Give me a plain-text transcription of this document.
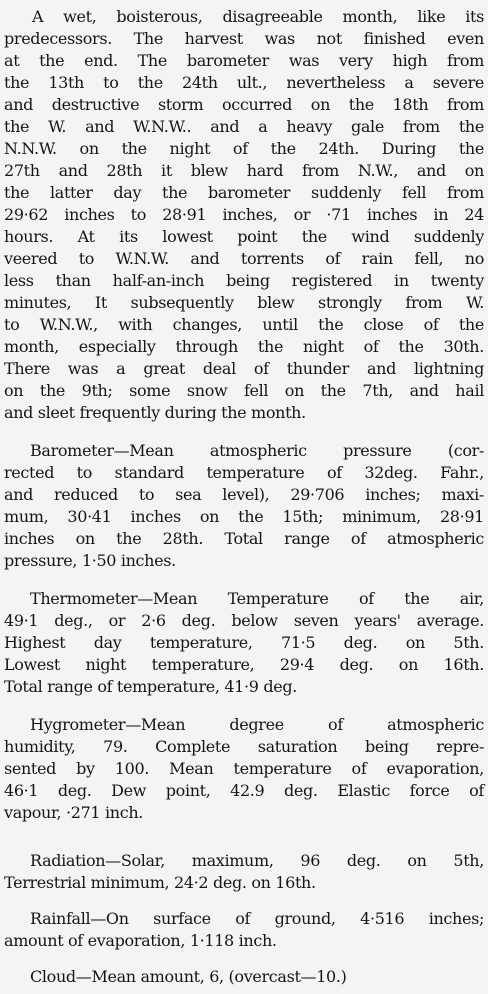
A wet, boisterous, disagreeable month, like its
predecessors. The harvest was not finished even
at the end. The barometer was very high from
the 13th to the 24th ult., nevertheless a severe
and destructive storm occurred on the 18th from
the W. and W.N.W.. and a heavy gale from the
N.N.W. on the night of the 24th. During the
27th and 28th it blew hard from N.W., and on
the latter day the barometer suddenly fell from
29·62 inches to 28·91 inches, or ·71 inches in 24
hours. At its lowest point the wind suddenly
veered to W.N.W. and torrents of rain fell, no
less than half-an-inch being registered in twenty
minutes, It subsequently blew strongly from W.
to W.N.W., with changes, until the close of the
month, especially through the night of the 30th.
There was a great deal of thunder and lightning
on the 9th; some snow fell on the 7th, and hail
and sleet frequently during the month.
Barometer—Mean atmospheric pressure (cor-
rected to standard temperature of 32deg. Fahr.,
and reduced to sea level), 29·706 inches; maxi-
mum, 30·41 inches on the 15th; minimum, 28·91
inches on the 28th. Total range of atmospheric
pressure, 1·50 inches.
Thermometer—Mean Temperature of the air,
49·1 deg., or 2·6 deg. below seven years' average.
Highest day temperature, 71·5 deg. on 5th.
Lowest night temperature, 29·4 deg. on 16th.
Total range of temperature, 41·9 deg.
Hygrometer—Mean degree of atmospheric
humidity, 79. Complete saturation being repre-
sented by 100. Mean temperature of evaporation,
46·1 deg. Dew point, 42.9 deg. Elastic force of
vapour, ·271 inch.
Radiation—Solar, maximum, 96 deg. on 5th,
Terrestrial minimum, 24·2 deg. on 16th.
Rainfall—On surface of ground, 4·516 inches;
amount of evaporation, 1·118 inch.
Cloud—Mean amount, 6, (overcast—10.)
